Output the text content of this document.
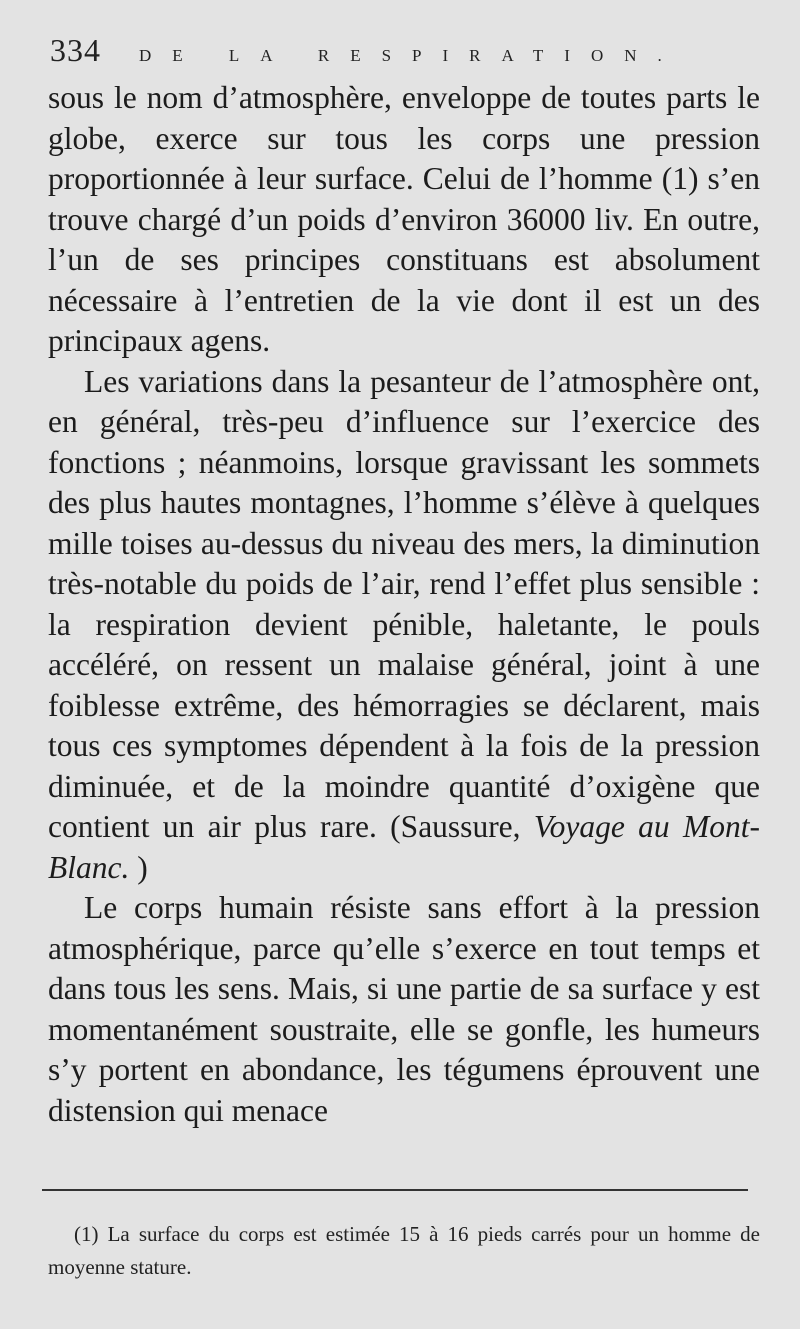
334 DE LA RESPIRATION.

sous le nom d’atmosphère, enveloppe de toutes parts le globe, exerce sur tous les corps une pression proportionnée à leur surface. Celui de l’homme (1) s’en trouve chargé d’un poids d’environ 36000 liv. En outre, l’un de ses principes constituans est absolument nécessaire à l’entretien de la vie dont il est un des principaux agens.

Les variations dans la pesanteur de l’atmosphère ont, en général, très-peu d’influence sur l’exercice des fonctions ; néanmoins, lorsque gravissant les sommets des plus hautes montagnes, l’homme s’élève à quelques mille toises au-dessus du niveau des mers, la diminution très-notable du poids de l’air, rend l’effet plus sensible : la respiration devient pénible, haletante, le pouls accéléré, on ressent un malaise général, joint à une foiblesse extrême, des hémorragies se déclarent, mais tous ces symptomes dépendent à la fois de la pression diminuée, et de la moindre quantité d’oxigène que contient un air plus rare. (Saussure, Voyage au Mont-Blanc. )

Le corps humain résiste sans effort à la pression atmosphérique, parce qu’elle s’exerce en tout temps et dans tous les sens. Mais, si une partie de sa surface y est momentanément soustraite, elle se gonfle, les humeurs s’y portent en abondance, les tégumens éprouvent une distension qui menace

(1) La surface du corps est estimée 15 à 16 pieds carrés pour un homme de moyenne stature.
